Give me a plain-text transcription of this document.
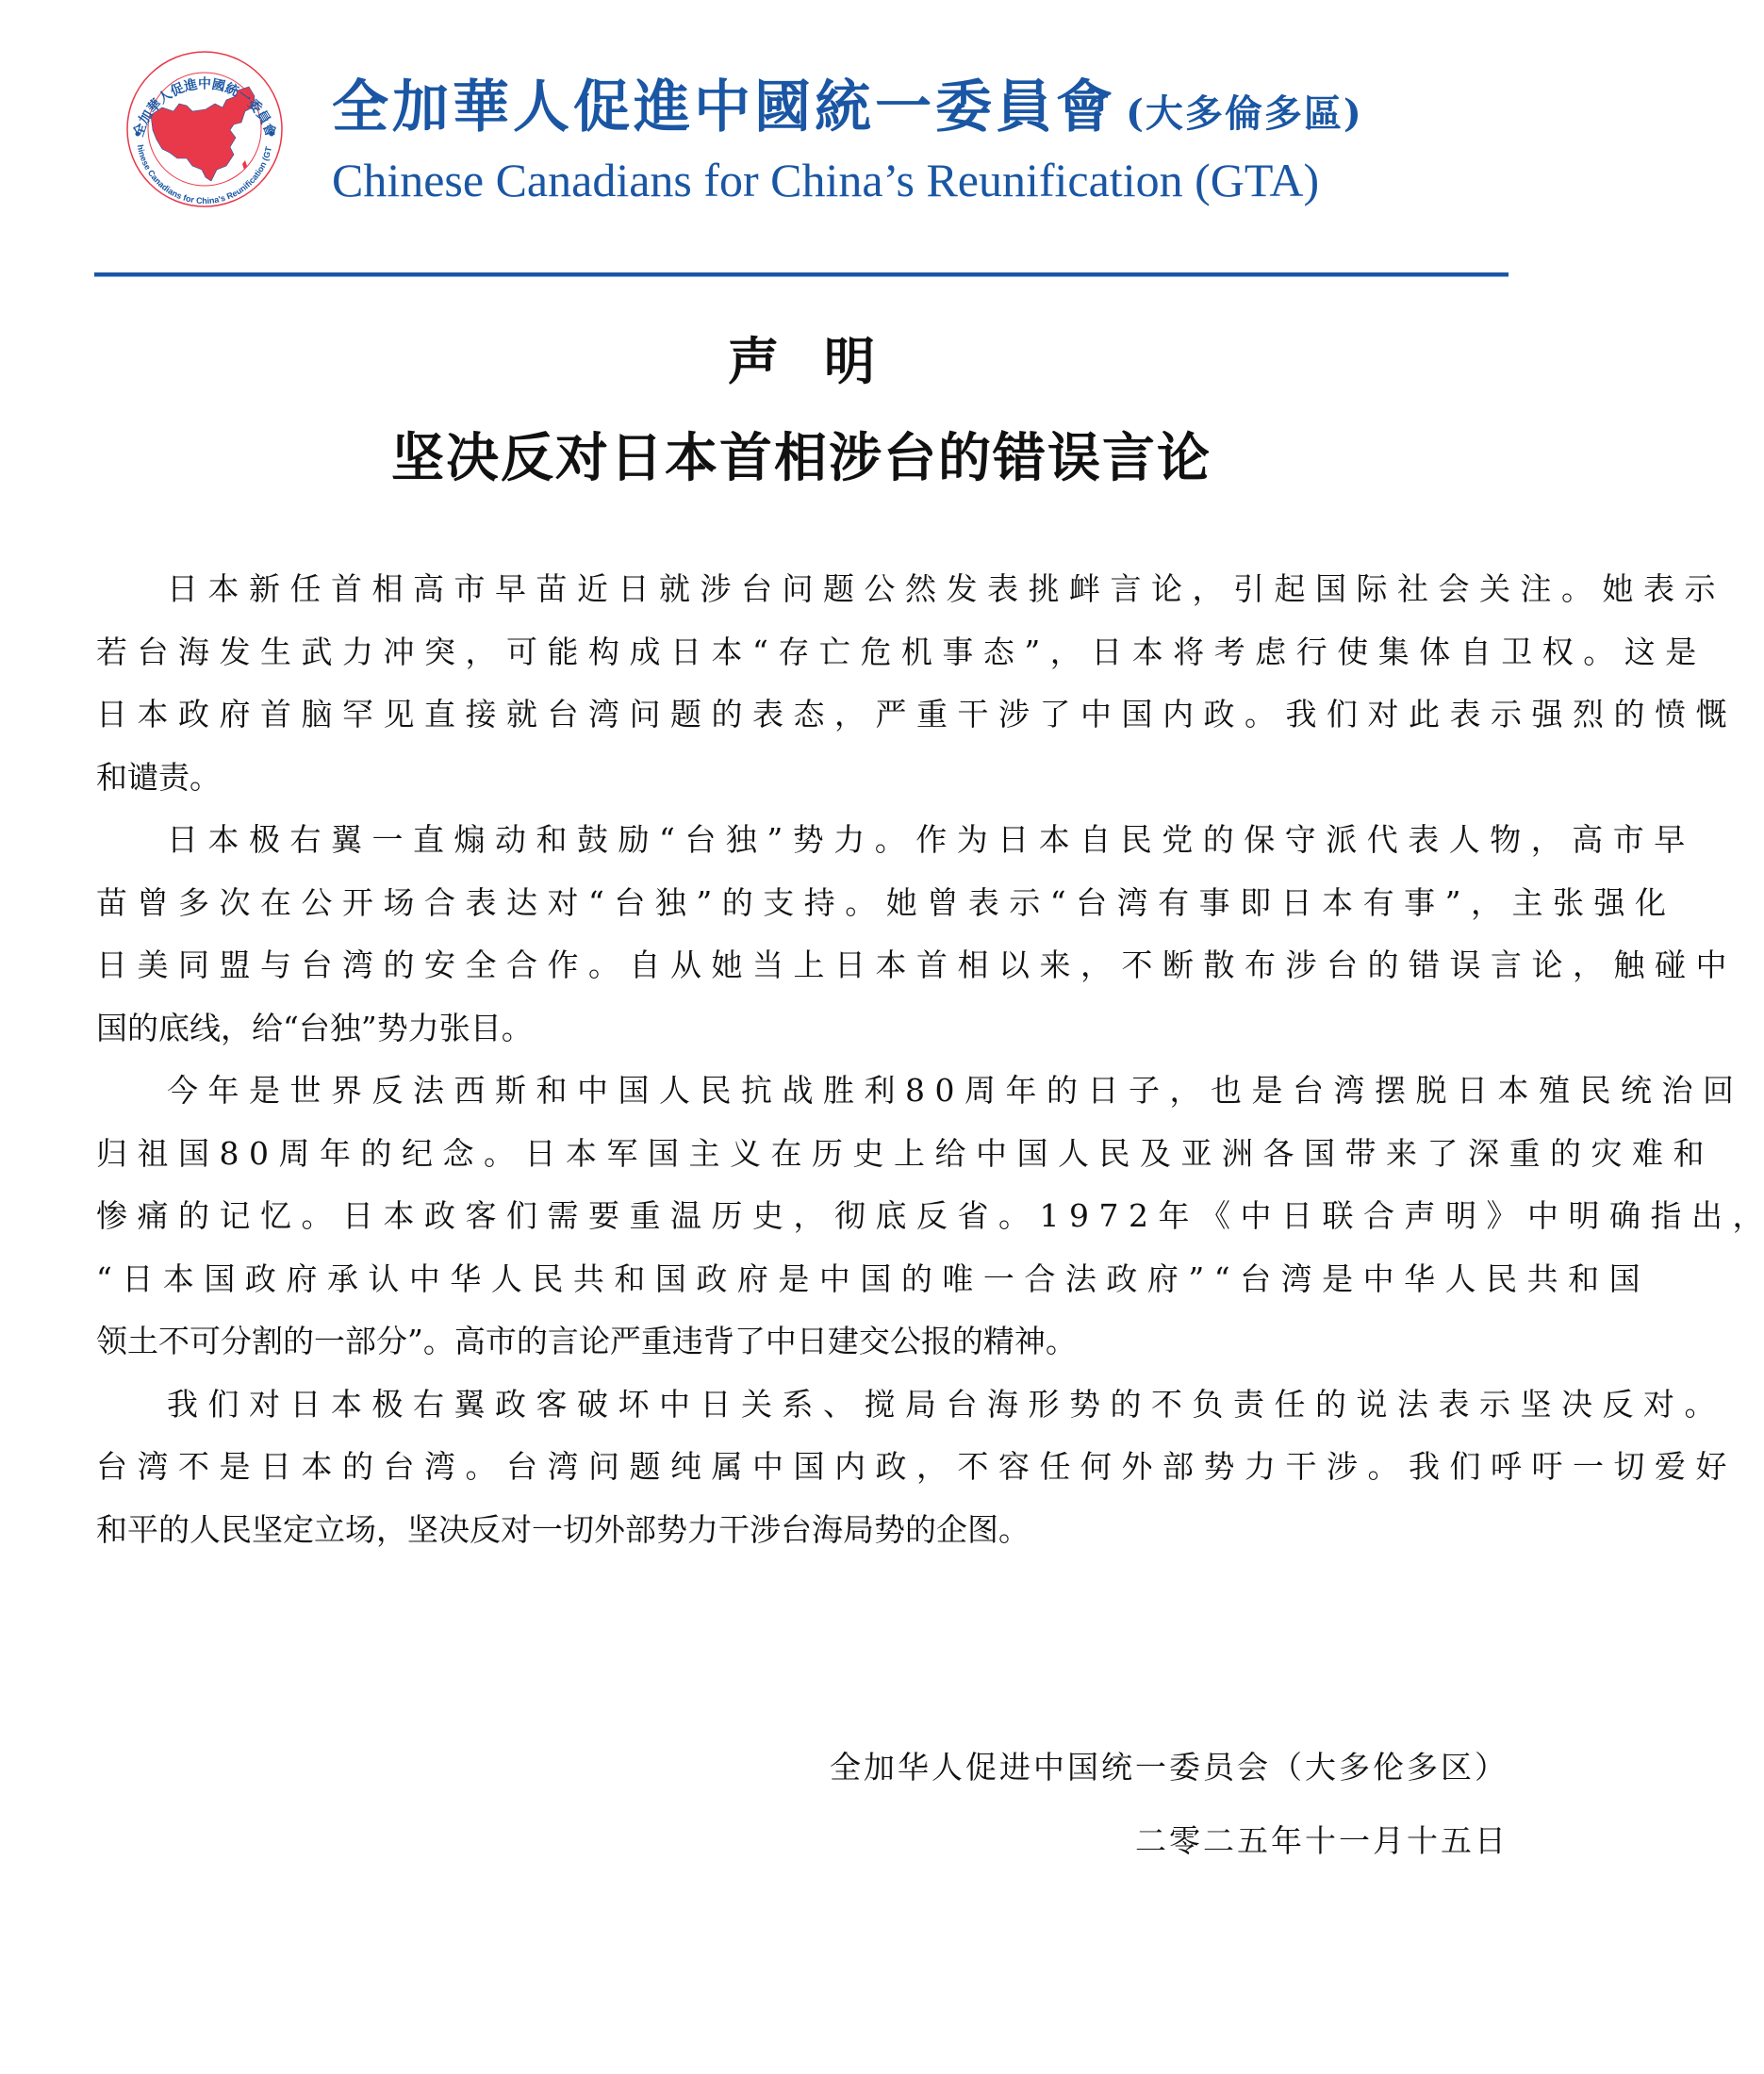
全加華人促進中國統一委員會
hinese Canadians for China's Reunification (GT
全加華人促進中國統一委員會 (大多倫多區)
Chinese Canadians for China’s Reunification (GTA)
声 明
坚决反对日本首相涉台的错误言论
日 本 新 任 首 相 高 市 早 苗 近 日 就 涉 台 问 题 公 然 发 表 挑 衅 言 论 ， 引 起 国 际 社 会 关 注 。 她 表 示
若 台 海 发 生 武 力 冲 突 ， 可 能 构 成 日 本 “ 存 亡 危 机 事 态 ” ， 日 本 将 考 虑 行 使 集 体 自 卫 权 。 这 是
日 本 政 府 首 脑 罕 见 直 接 就 台 湾 问 题 的 表 态 ， 严 重 干 涉 了 中 国 内 政 。 我 们 对 此 表 示 强 烈 的 愤 慨
和谴责。
日 本 极 右 翼 一 直 煽 动 和 鼓 励 “ 台 独 ” 势 力 。 作 为 日 本 自 民 党 的 保 守 派 代 表 人 物 ， 高 市 早
苗 曾 多 次 在 公 开 场 合 表 达 对 “ 台 独 ” 的 支 持 。 她 曾 表 示 “ 台 湾 有 事 即 日 本 有 事 ” ， 主 张 强 化
日 美 同 盟 与 台 湾 的 安 全 合 作 。 自 从 她 当 上 日 本 首 相 以 来 ， 不 断 散 布 涉 台 的 错 误 言 论 ， 触 碰 中
国的底线，给“台独”势力张目。
今 年 是 世 界 反 法 西 斯 和 中 国 人 民 抗 战 胜 利 8 0 周 年 的 日 子 ， 也 是 台 湾 摆 脱 日 本 殖 民 统 治 回
归 祖 国 8 0 周 年 的 纪 念 。 日 本 军 国 主 义 在 历 史 上 给 中 国 人 民 及 亚 洲 各 国 带 来 了 深 重 的 灾 难 和
惨 痛 的 记 忆 。 日 本 政 客 们 需 要 重 温 历 史 ， 彻 底 反 省 。 1 9 7 2 年 《 中 日 联 合 声 明 》 中 明 确 指 出 ，
“ 日 本 国 政 府 承 认 中 华 人 民 共 和 国 政 府 是 中 国 的 唯 一 合 法 政 府 ” “ 台 湾 是 中 华 人 民 共 和 国
领土不可分割的一部分”。高市的言论严重违背了中日建交公报的精神。
我 们 对 日 本 极 右 翼 政 客 破 坏 中 日 关 系 、 搅 局 台 海 形 势 的 不 负 责 任 的 说 法 表 示 坚 决 反 对 。
台 湾 不 是 日 本 的 台 湾 。 台 湾 问 题 纯 属 中 国 内 政 ， 不 容 任 何 外 部 势 力 干 涉 。 我 们 呼 吁 一 切 爱 好
和平的人民坚定立场，坚决反对一切外部势力干涉台海局势的企图。
全加华人促进中国统一委员会（大多伦多区）
二零二五年十一月十五日
